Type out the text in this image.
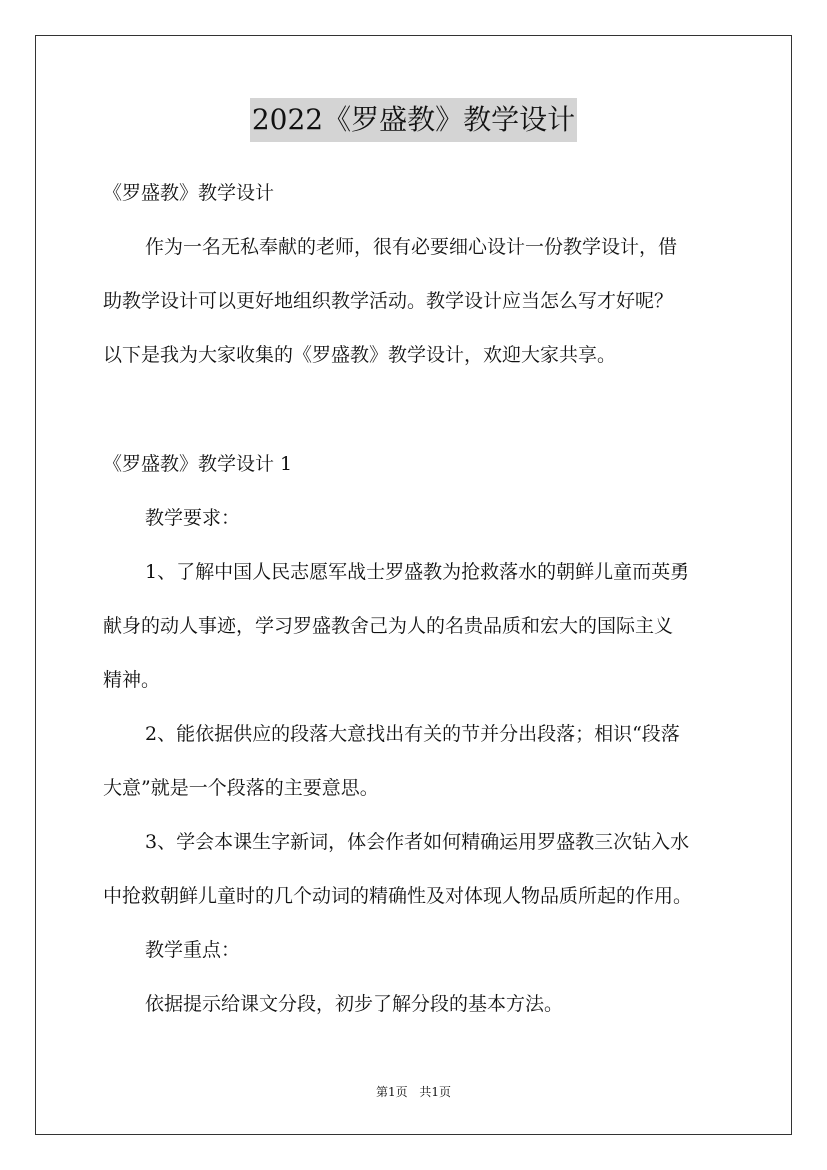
2022《罗盛教》教学设计
《罗盛教》教学设计
作为一名无私奉献的老师，很有必要细心设计一份教学设计，借
助教学设计可以更好地组织教学活动。教学设计应当怎么写才好呢？
以下是我为大家收集的《罗盛教》教学设计，欢迎大家共享。
《罗盛教》教学设计 1
教学要求：
1、了解中国人民志愿军战士罗盛教为抢救落水的朝鲜儿童而英勇
献身的动人事迹，学习罗盛教舍己为人的名贵品质和宏大的国际主义
精神。
2、能依据供应的段落大意找出有关的节并分出段落；相识“段落
大意”就是一个段落的主要意思。
3、学会本课生字新词，体会作者如何精确运用罗盛教三次钻入水
中抢救朝鲜儿童时的几个动词的精确性及对体现人物品质所起的作用。
教学重点：
依据提示给课文分段，初步了解分段的基本方法。
第1页 共1页
